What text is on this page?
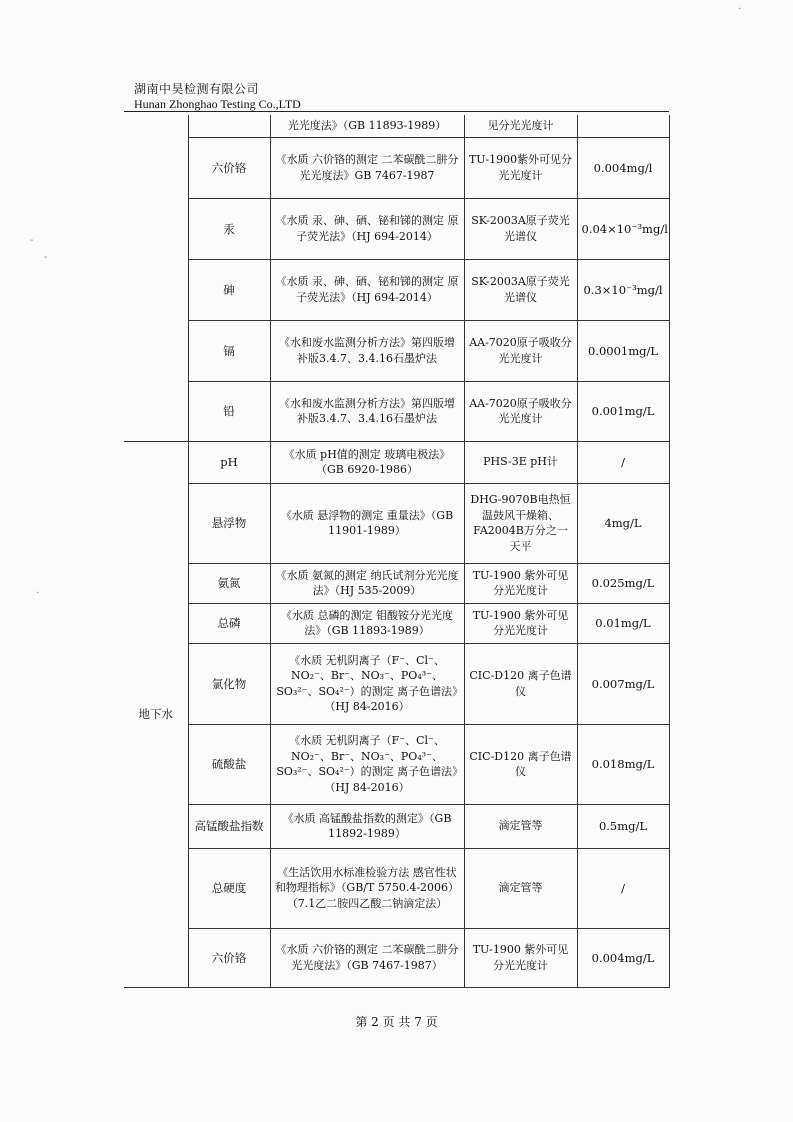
湖南中昊检测有限公司
Hunan Zhonghao Testing Co.,LTD
		光光度法》（GB 11893-1989）	见分光光度计	
	六价铬	《水质 六价铬的测定 二苯碳酰二肼分光光度法》GB 7467-1987	TU-1900紫外可见分光光度计	0.004mg/l
	汞	《水质 汞、砷、硒、铋和锑的测定 原子荧光法》（HJ 694-2014）	SK-2003A原子荧光光谱仪	0.04×10⁻³mg/l
	砷	《水质 汞、砷、硒、铋和锑的测定 原子荧光法》（HJ 694-2014）	SK-2003A原子荧光光谱仪	0.3×10⁻³mg/l
	镉	《水和废水监测分析方法》第四版增补版3.4.7、3.4.16石墨炉法	AA-7020原子吸收分光光度计	0.0001mg/L
	铅	《水和废水监测分析方法》第四版增补版3.4.7、3.4.16石墨炉法	AA-7020原子吸收分光光度计	0.001mg/L
地下水	pH	《水质 pH值的测定 玻璃电极法》（GB 6920-1986）	PHS-3E pH计	/
	悬浮物	《水质 悬浮物的测定 重量法》（GB 11901-1989）	DHG-9070B电热恒温鼓风干燥箱、FA2004B万分之一天平	4mg/L
	氨氮	《水质 氨氮的测定 纳氏试剂分光光度法》（HJ 535-2009）	TU-1900 紫外可见分光光度计	0.025mg/L
	总磷	《水质 总磷的测定 钼酸铵分光光度法》（GB 11893-1989）	TU-1900 紫外可见分光光度计	0.01mg/L
	氯化物	《水质 无机阴离子（F⁻、Cl⁻、NO₂⁻、Br⁻、NO₃⁻、PO₄³⁻、SO₃²⁻、SO₄²⁻）的测定 离子色谱法》（HJ 84-2016）	CIC-D120 离子色谱仪	0.007mg/L
	硫酸盐	《水质 无机阴离子（F⁻、Cl⁻、NO₂⁻、Br⁻、NO₃⁻、PO₄³⁻、SO₃²⁻、SO₄²⁻）的测定 离子色谱法》（HJ 84-2016）	CIC-D120 离子色谱仪	0.018mg/L
	高锰酸盐指数	《水质 高锰酸盐指数的测定》（GB 11892-1989）	滴定管等	0.5mg/L
	总硬度	《生活饮用水标准检验方法 感官性状和物理指标》（GB/T 5750.4-2006）（7.1乙二胺四乙酸二钠滴定法）	滴定管等	/
	六价铬	《水质 六价铬的测定 二苯碳酰二肼分光光度法》（GB 7467-1987）	TU-1900 紫外可见分光光度计	0.004mg/L
第 2 页 共 7 页
·
-
-
·
